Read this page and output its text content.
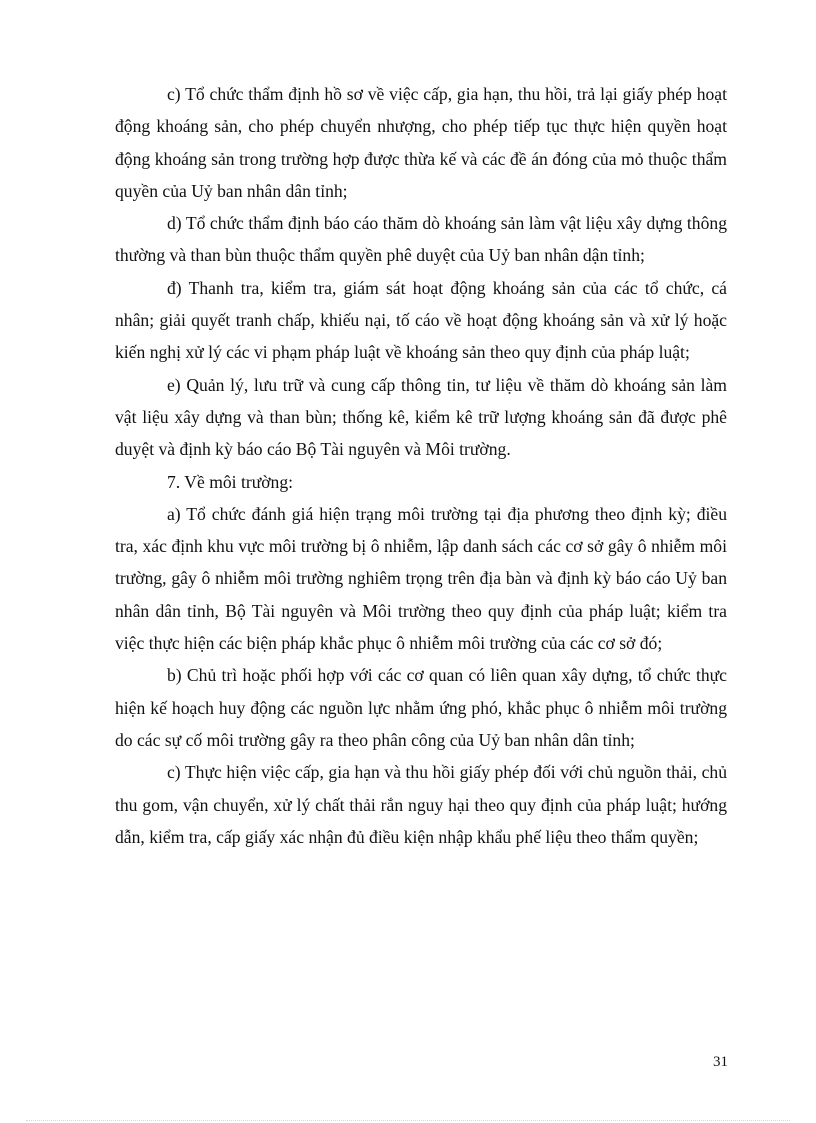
c) Tổ chức thẩm định hồ sơ về việc cấp, gia hạn, thu hồi, trả lại giấy phép hoạt động khoáng sản, cho phép chuyển nhượng, cho phép tiếp tục thực hiện quyền hoạt động khoáng sản trong trường hợp được thừa kế và các đề án đóng của mỏ thuộc thẩm quyền của Uỷ ban nhân dân tỉnh;

d) Tổ chức thẩm định báo cáo thăm dò khoáng sản làm vật liệu xây dựng thông thường và than bùn thuộc thẩm quyền phê duyệt của Uỷ ban nhân dận tỉnh;

đ) Thanh tra, kiểm tra, giám sát hoạt động khoáng sản của các tổ chức, cá nhân; giải quyết tranh chấp, khiếu nại, tố cáo về hoạt động khoáng sản và xử lý hoặc kiến nghị xử lý các vi phạm pháp luật về khoáng sản theo quy định của pháp luật;

e) Quản lý, lưu trữ và cung cấp thông tin, tư liệu về thăm dò khoáng sản làm vật liệu xây dựng và than bùn; thống kê, kiểm kê trữ lượng khoáng sản đã được phê duyệt và định kỳ báo cáo Bộ Tài nguyên và Môi trường.

7. Về môi trường:

a) Tổ chức đánh giá hiện trạng môi trường tại địa phương theo định kỳ; điều tra, xác định khu vực môi trường bị ô nhiễm, lập danh sách các cơ sở gây ô nhiễm môi trường, gây ô nhiễm môi trường nghiêm trọng trên địa bàn và định kỳ báo cáo Uỷ ban nhân dân tỉnh, Bộ Tài nguyên và Môi trường theo quy định của pháp luật; kiểm tra việc thực hiện các biện pháp khắc phục ô nhiễm môi trường của các cơ sở đó;

b) Chủ trì hoặc phối hợp với các cơ quan có liên quan xây dựng, tổ chức thực hiện kế hoạch huy động các nguồn lực nhằm ứng phó, khắc phục ô nhiễm môi trường do các sự cố môi trường gây ra theo phân công của Uỷ ban nhân dân tỉnh;

c) Thực hiện việc cấp, gia hạn và thu hồi giấy phép đối với chủ nguồn thải, chủ thu gom, vận chuyển, xử lý chất thải rắn nguy hại theo quy định của pháp luật; hướng dẫn, kiểm tra, cấp giấy xác nhận đủ điều kiện nhập khẩu phế liệu theo thẩm quyền;

31
